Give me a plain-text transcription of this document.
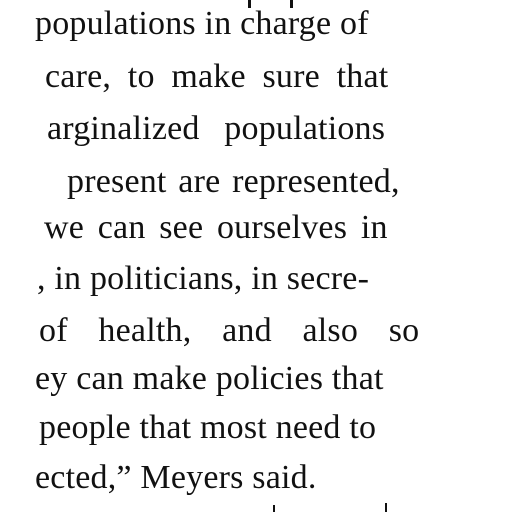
populations in charge of
care, to make sure that
arginalized populations
present are represented,
we can see ourselves in
, in politicians, in secre-
of health, and also so
ey can make policies that
people that most need to
ected,” Meyers said.
